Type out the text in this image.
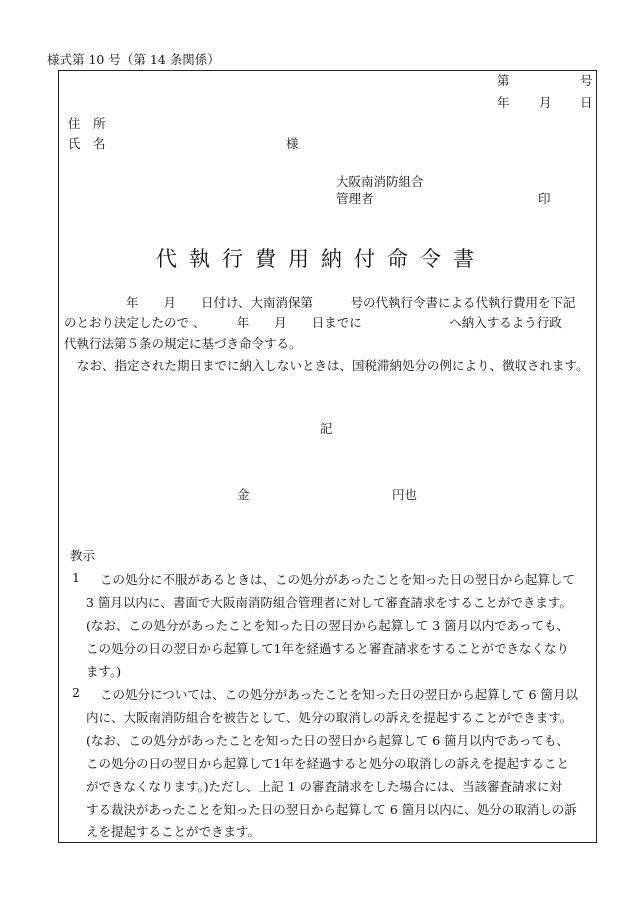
様式第 10 号（第 14 条関係）
第	号
年 月 日
住　所
氏　名	様
大阪南消防組合
管理者	印
代執行費用納付命令書
年　　月　　日付け、大南消保第　　　号の代執行令書による代執行費用を下記
のとおり決定したので 、　　　年　　月　　日までに　　　　　　　へ納入するよう行政
代執行法第５条の規定に基づき命令する。
なお、指定された期日までに納入しないときは、国税滞納処分の例により、徴収されます。
記
金	円也
教示
1 この処分に不服があるときは、この処分があったことを知った日の翌日から起算して
3 箇月以内に、書面で大阪南消防組合管理者に対して審査請求をすることができます。
(なお、この処分があったことを知った日の翌日から起算して 3 箇月以内であっても、
この処分の日の翌日から起算して1年を経過すると審査請求をすることができなくなり
ます。)
2 この処分については、この処分があったことを知った日の翌日から起算して 6 箇月以
内に、大阪南消防組合を被告として、処分の取消しの訴えを提起することができます。
(なお、この処分があったことを知った日の翌日から起算して 6 箇月以内であっても、
この処分の日の翌日から起算して1年を経過すると処分の取消しの訴えを提起すること
ができなくなります。)ただし、上記 1 の審査請求をした場合には、当該審査請求に対
する裁決があったことを知った日の翌日から起算して 6 箇月以内に、処分の取消しの訴
えを提起することができます。
